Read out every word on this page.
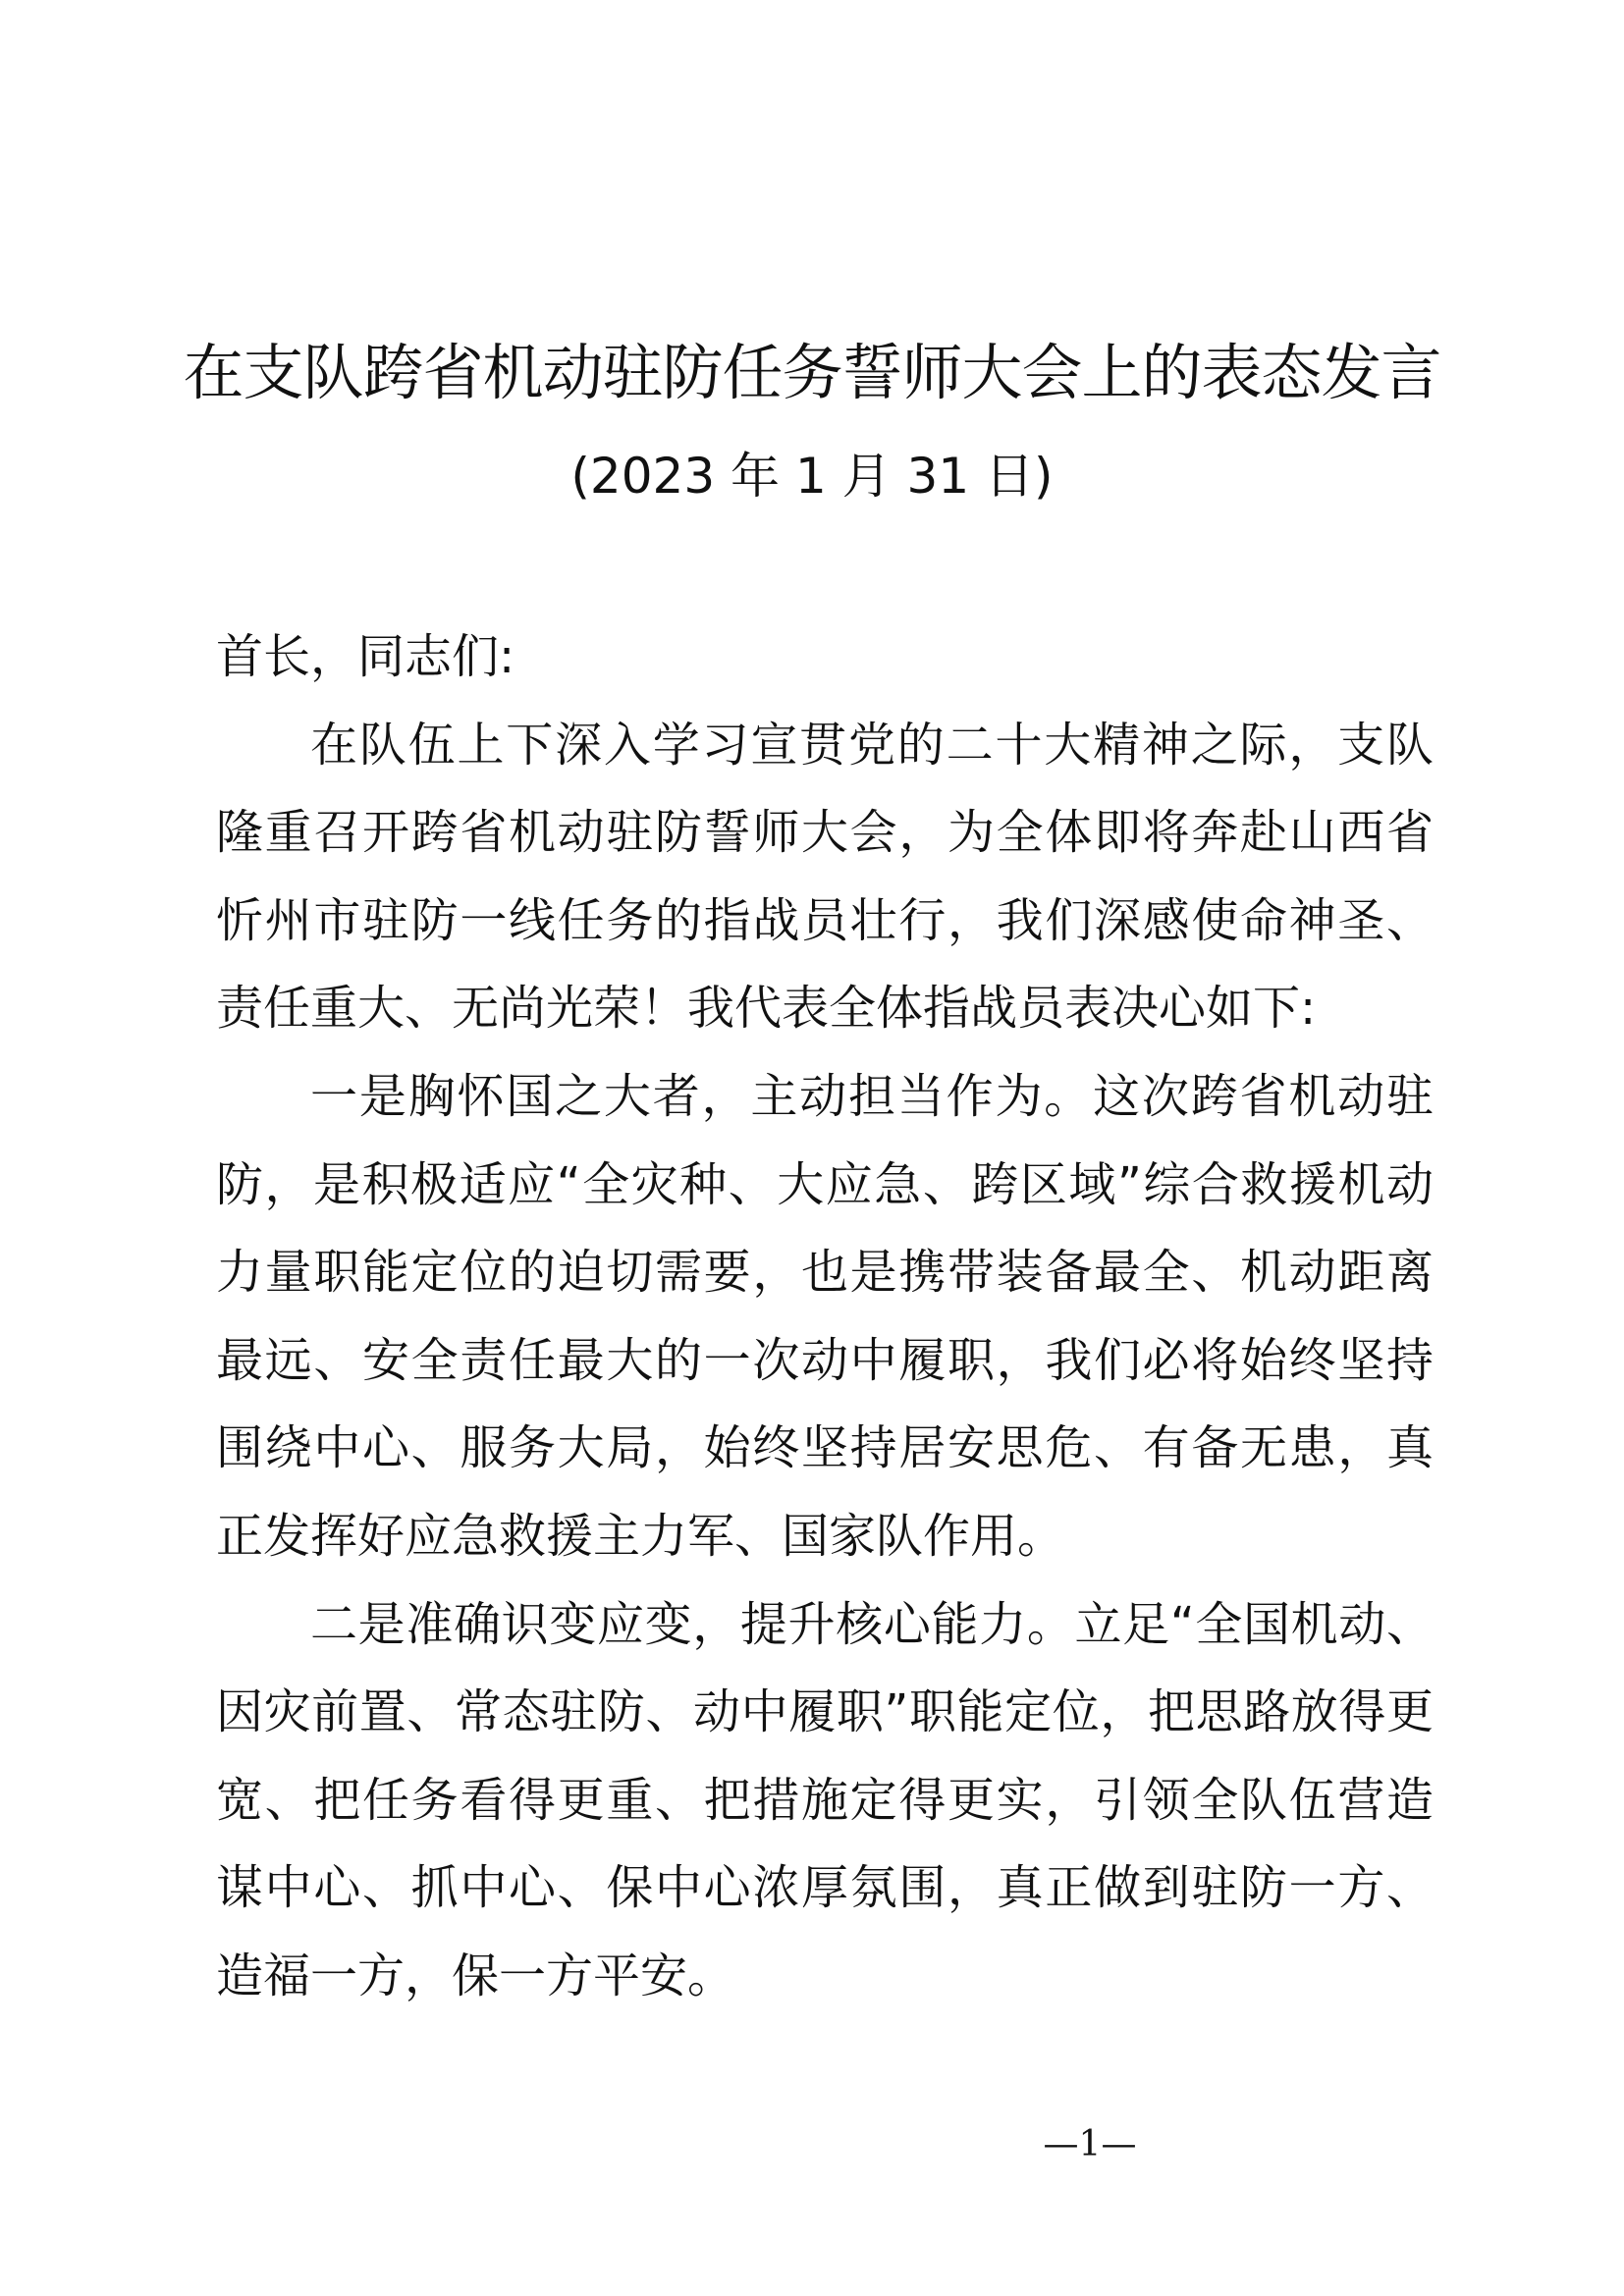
在支队跨省机动驻防任务誓师大会上的表态发言
(2023 年 1 月 31 日)

首长，同志们:

在队伍上下深入学习宣贯党的二十大精神之际，支队隆重召开跨省机动驻防誓师大会，为全体即将奔赴山西省忻州市驻防一线任务的指战员壮行，我们深感使命神圣、责任重大、无尚光荣！我代表全体指战员表决心如下:

一是胸怀国之大者，主动担当作为。这次跨省机动驻防，是积极适应“全灾种、大应急、跨区域”综合救援机动力量职能定位的迫切需要，也是携带装备最全、机动距离最远、安全责任最大的一次动中履职，我们必将始终坚持围绕中心、服务大局，始终坚持居安思危、有备无患，真正发挥好应急救援主力军、国家队作用。

二是准确识变应变，提升核心能力。立足“全国机动、因灾前置、常态驻防、动中履职”职能定位，把思路放得更宽、把任务看得更重、把措施定得更实，引领全队伍营造谋中心、抓中心、保中心浓厚氛围，真正做到驻防一方、造福一方，保一方平安。

—1—
